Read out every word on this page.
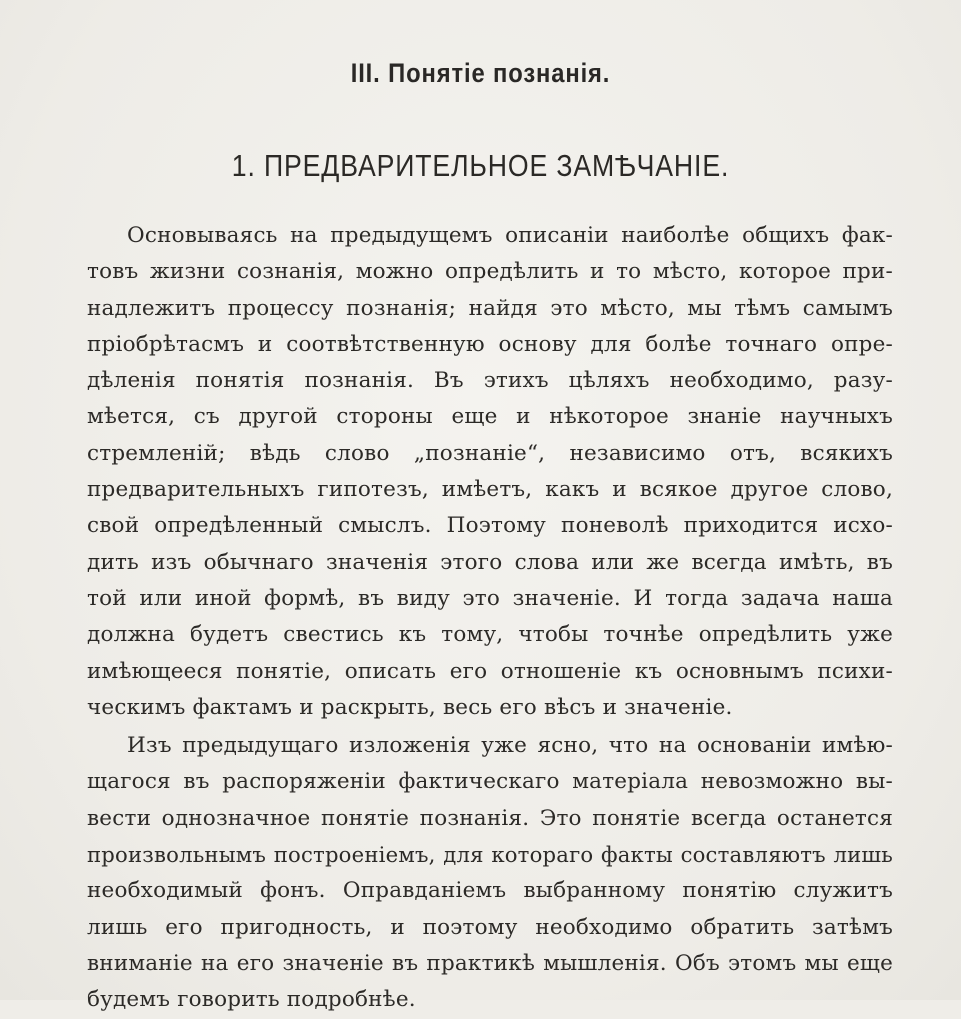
III. Понятіе познанія.
1. ПРЕДВАРИТЕЛЬНОЕ ЗАМѢЧАНІЕ.
Основываясь на предыдущемъ описаніи наиболѣе общихъ фак-
товъ жизни сознанія, можно опредѣлить и то мѣсто, которое при-
надлежитъ процессу познанія; найдя это мѣсто, мы тѣмъ самымъ
пріобрѣтасмъ и соотвѣтственную основу для болѣе точнаго опре-
дѣленія понятія познанія. Въ этихъ цѣляхъ необходимо, разу-
мѣется, съ другой стороны еще и нѣкоторое знаніе научныхъ
стремленій; вѣдь слово „познаніе“, независимо отъ, всякихъ
предварительныхъ гипотезъ, имѣетъ, какъ и всякое другое слово,
свой опредѣленный смыслъ. Поэтому поневолѣ приходится исхо-
дить изъ обычнаго значенія этого слова или же всегда имѣть, въ
той или иной формѣ, въ виду это значеніе. И тогда задача наша
должна будетъ свестись къ тому, чтобы точнѣе опредѣлить уже
имѣющееся понятіе, описать его отношеніе къ основнымъ психи-
ческимъ фактамъ и раскрыть, весь его вѣсъ и значеніе.
Изъ предыдущаго изложенія уже ясно, что на основаніи имѣю-
щагося въ распоряженіи фактическаго матеріала невозможно вы-
вести однозначное понятіе познанія. Это понятіе всегда останется
произвольнымъ построеніемъ, для котораго факты составляютъ лишь
необходимый фонъ. Оправданіемъ выбранному понятію служитъ
лишь его пригодность, и поэтому необходимо обратить затѣмъ
вниманіе на его значеніе въ практикѣ мышленія. Объ этомъ мы еще
будемъ говорить подробнѣе.
